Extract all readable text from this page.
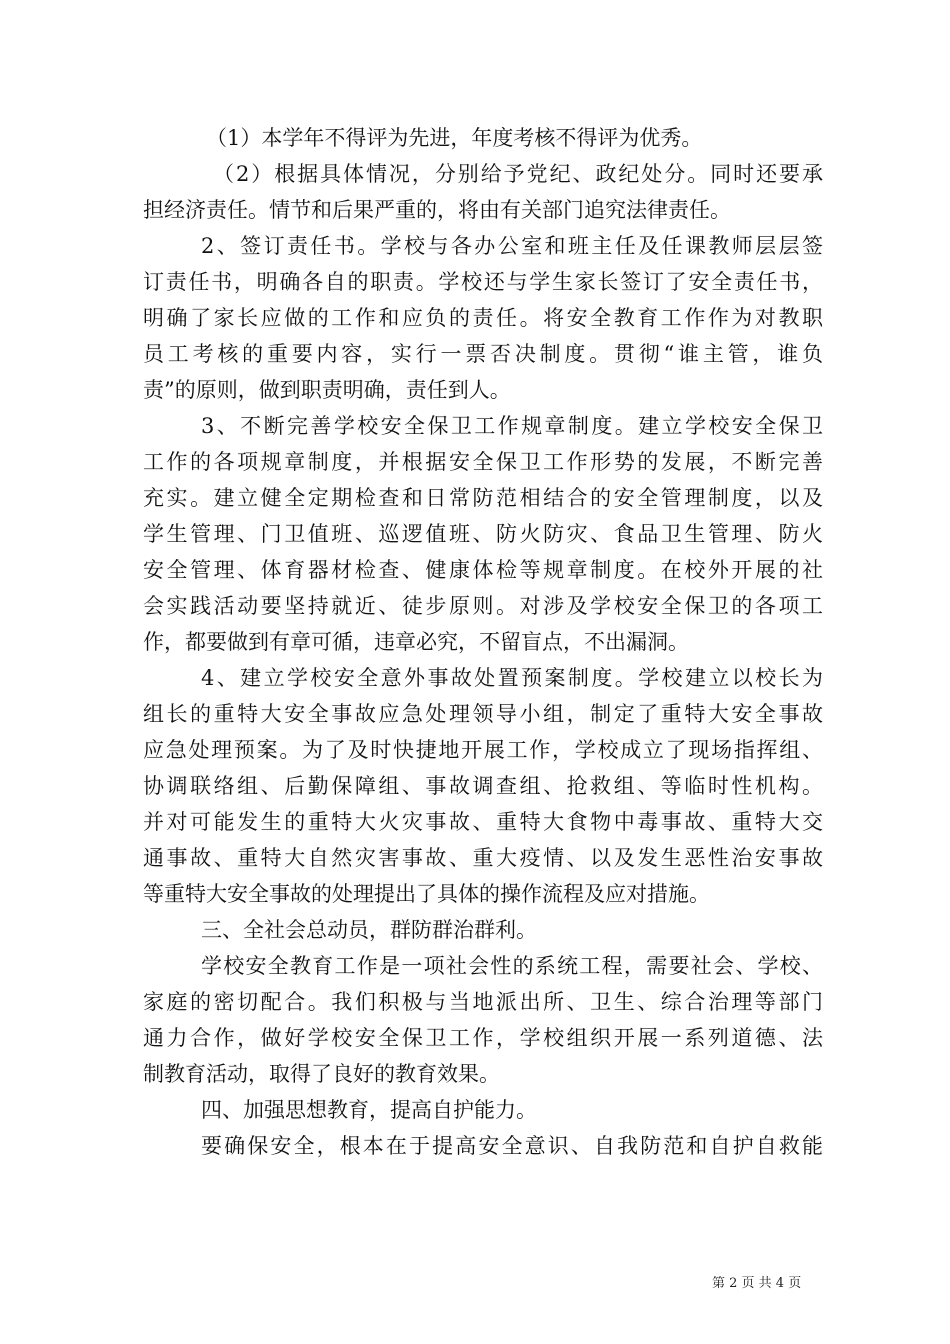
（1）本学年不得评为先进，年度考核不得评为优秀。
（2）根据具体情况，分别给予党纪、政纪处分。同时还要承
担经济责任。情节和后果严重的，将由有关部门追究法律责任。
2、签订责任书。学校与各办公室和班主任及任课教师层层签
订责任书，明确各自的职责。学校还与学生家长签订了安全责任书，
明确了家长应做的工作和应负的责任。将安全教育工作作为对教职
员工考核的重要内容，实行一票否决制度。贯彻“谁主管，谁负
责”的原则，做到职责明确，责任到人。
3、不断完善学校安全保卫工作规章制度。建立学校安全保卫
工作的各项规章制度，并根据安全保卫工作形势的发展，不断完善
充实。建立健全定期检查和日常防范相结合的安全管理制度，以及
学生管理、门卫值班、巡逻值班、防火防灾、食品卫生管理、防火
安全管理、体育器材检查、健康体检等规章制度。在校外开展的社
会实践活动要坚持就近、徒步原则。对涉及学校安全保卫的各项工
作，都要做到有章可循，违章必究，不留盲点，不出漏洞。
4、建立学校安全意外事故处置预案制度。学校建立以校长为
组长的重特大安全事故应急处理领导小组，制定了重特大安全事故
应急处理预案。为了及时快捷地开展工作，学校成立了现场指挥组、
协调联络组、后勤保障组、事故调查组、抢救组、等临时性机构。
并对可能发生的重特大火灾事故、重特大食物中毒事故、重特大交
通事故、重特大自然灾害事故、重大疫情、以及发生恶性治安事故
等重特大安全事故的处理提出了具体的操作流程及应对措施。
三、全社会总动员，群防群治群利。
学校安全教育工作是一项社会性的系统工程，需要社会、学校、
家庭的密切配合。我们积极与当地派出所、卫生、综合治理等部门
通力合作，做好学校安全保卫工作，学校组织开展一系列道德、法
制教育活动，取得了良好的教育效果。
四、加强思想教育，提高自护能力。
要确保安全，根本在于提高安全意识、自我防范和自护自救能
第 2 页 共 4 页
